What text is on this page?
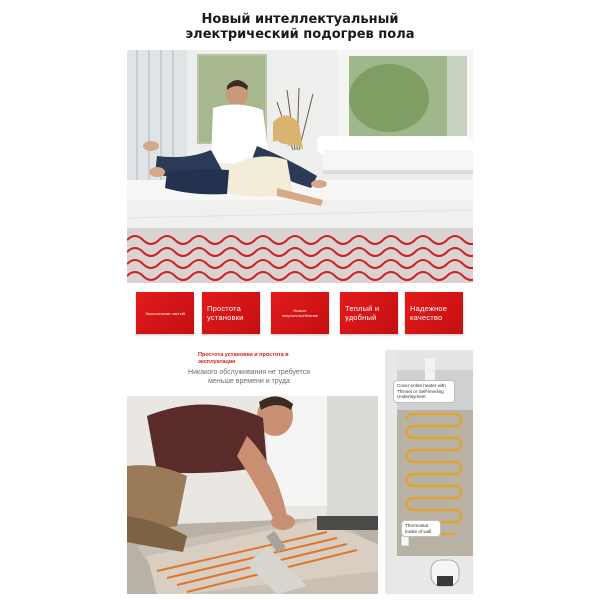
Новый интеллектуальный
электрический подогрев пола
Экологически чистый	Простота установки
Низкое энергопотребление
Теплый и удобный
Надежное качество
Простота установки и простота в эксплуатации
Никакого обслуживания не требуется меньше времени и труда
Cover entire heater with Thinset or Self-leveling Underlayment
Thermostat inside of wall
